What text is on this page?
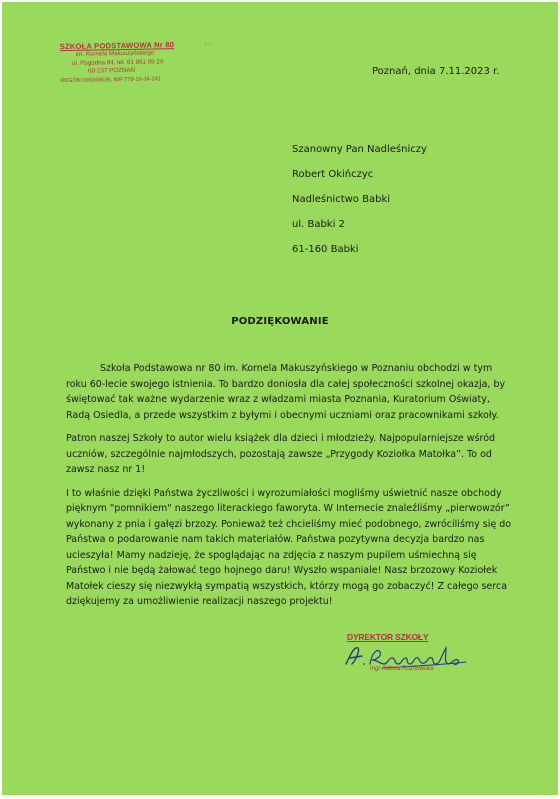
SZKOŁA PODSTAWOWA Nr 80
im. Kornela Makuszyńskiego
ul. Pogodna 84, tel. 61 861 05 24
60-137 POZNAŃ
REGON 000246526, NIP 779-16-34-241
⌐
Poznań, dnia 7.11.2023 r.
Szanowny Pan Nadleśniczy
Robert Okińczyc
Nadleśnictwo Babki
ul. Babki 2
61-160 Babki
PODZIĘKOWANIE

Szkoła Podstawowa nr 80 im. Kornela Makuszyńskiego w Poznaniu obchodzi w tym roku 60-lecie swojego istnienia. To bardzo doniosła dla całej społeczności szkolnej okazja, by świętować tak ważne wydarzenie wraz z władzami miasta Poznania, Kuratorium Oświaty, Radą Osiedla, a przede wszystkim z byłymi i obecnymi uczniami oraz pracownikami szkoły.

Patron naszej Szkoły to autor wielu książek dla dzieci i młodzieży. Najpopularniejsze wśród uczniów, szczególnie najmłodszych, pozostają zawsze „Przygody Koziołka Matołka”. To od zawsz nasz nr 1!

I to właśnie dzięki Państwa życzliwości i wyrozumiałości mogliśmy uświetnić nasze obchody pięknym "pomnikiem" naszego literackiego faworyta. W Internecie znaleźliśmy „pierwowzór” wykonany z pnia i gałęzi brzozy. Ponieważ też chcieliśmy mieć podobnego, zwróciliśmy się do Państwa o podarowanie nam takich materiałów. Państwa pozytywna decyzja bardzo nas ucieszyła! Mamy nadzieję, że spoglądając na zdjęcia z naszym pupilem uśmiechną się Państwo i nie będą żałować tego hojnego daru! Wyszło wspaniale! Nasz brzozowy Koziołek Matołek cieszy się niezwykłą sympatią wszystkich, którzy mogą go zobaczyć! Z całego serca dziękujemy za umożliwienie realizacji naszego projektu!

DYREKTOR SZKOŁY
mgr Aldona Rożnowska
